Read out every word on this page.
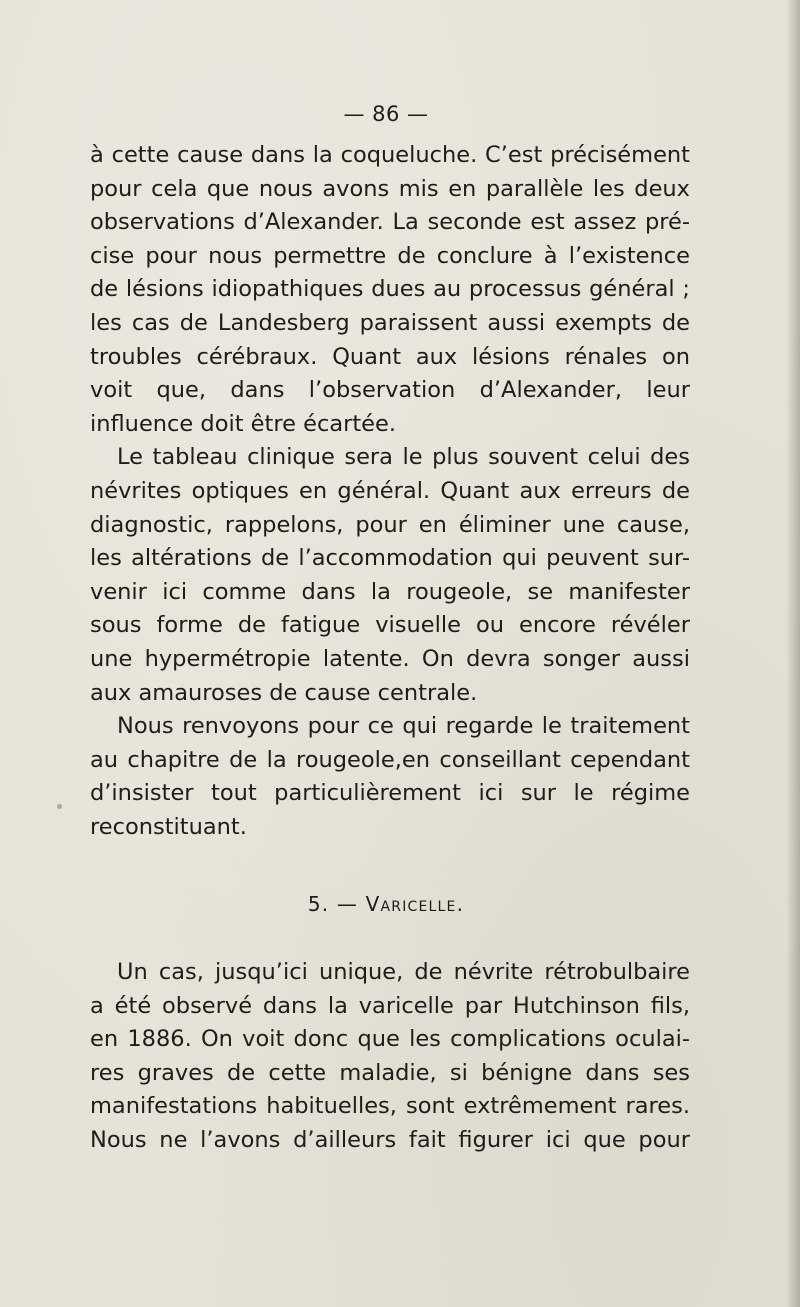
— 86 —
à cette cause dans la coqueluche. C’est précisément
pour cela que nous avons mis en parallèle les deux
observations d’Alexander. La seconde est assez pré-
cise pour nous permettre de conclure à l’existence
de lésions idiopathiques dues au processus général ;
les cas de Landesberg paraissent aussi exempts de
troubles cérébraux. Quant aux lésions rénales on
voit que, dans l’observation d’Alexander, leur
influence doit être écartée.
Le tableau clinique sera le plus souvent celui des
névrites optiques en général. Quant aux erreurs de
diagnostic, rappelons, pour en éliminer une cause,
les altérations de l’accommodation qui peuvent sur-
venir ici comme dans la rougeole, se manifester
sous forme de fatigue visuelle ou encore révéler
une hypermétropie latente. On devra songer aussi
aux amauroses de cause centrale.
Nous renvoyons pour ce qui regarde le traitement
au chapitre de la rougeole,en conseillant cependant
d’insister tout particulièrement ici sur le régime
reconstituant.
5. — Varicelle.
Un cas, jusqu’ici unique, de névrite rétrobulbaire
a été observé dans la varicelle par Hutchinson fils,
en 1886. On voit donc que les complications oculai-
res graves de cette maladie, si bénigne dans ses
manifestations habituelles, sont extrêmement rares.
Nous ne l’avons d’ailleurs fait figurer ici que pour
